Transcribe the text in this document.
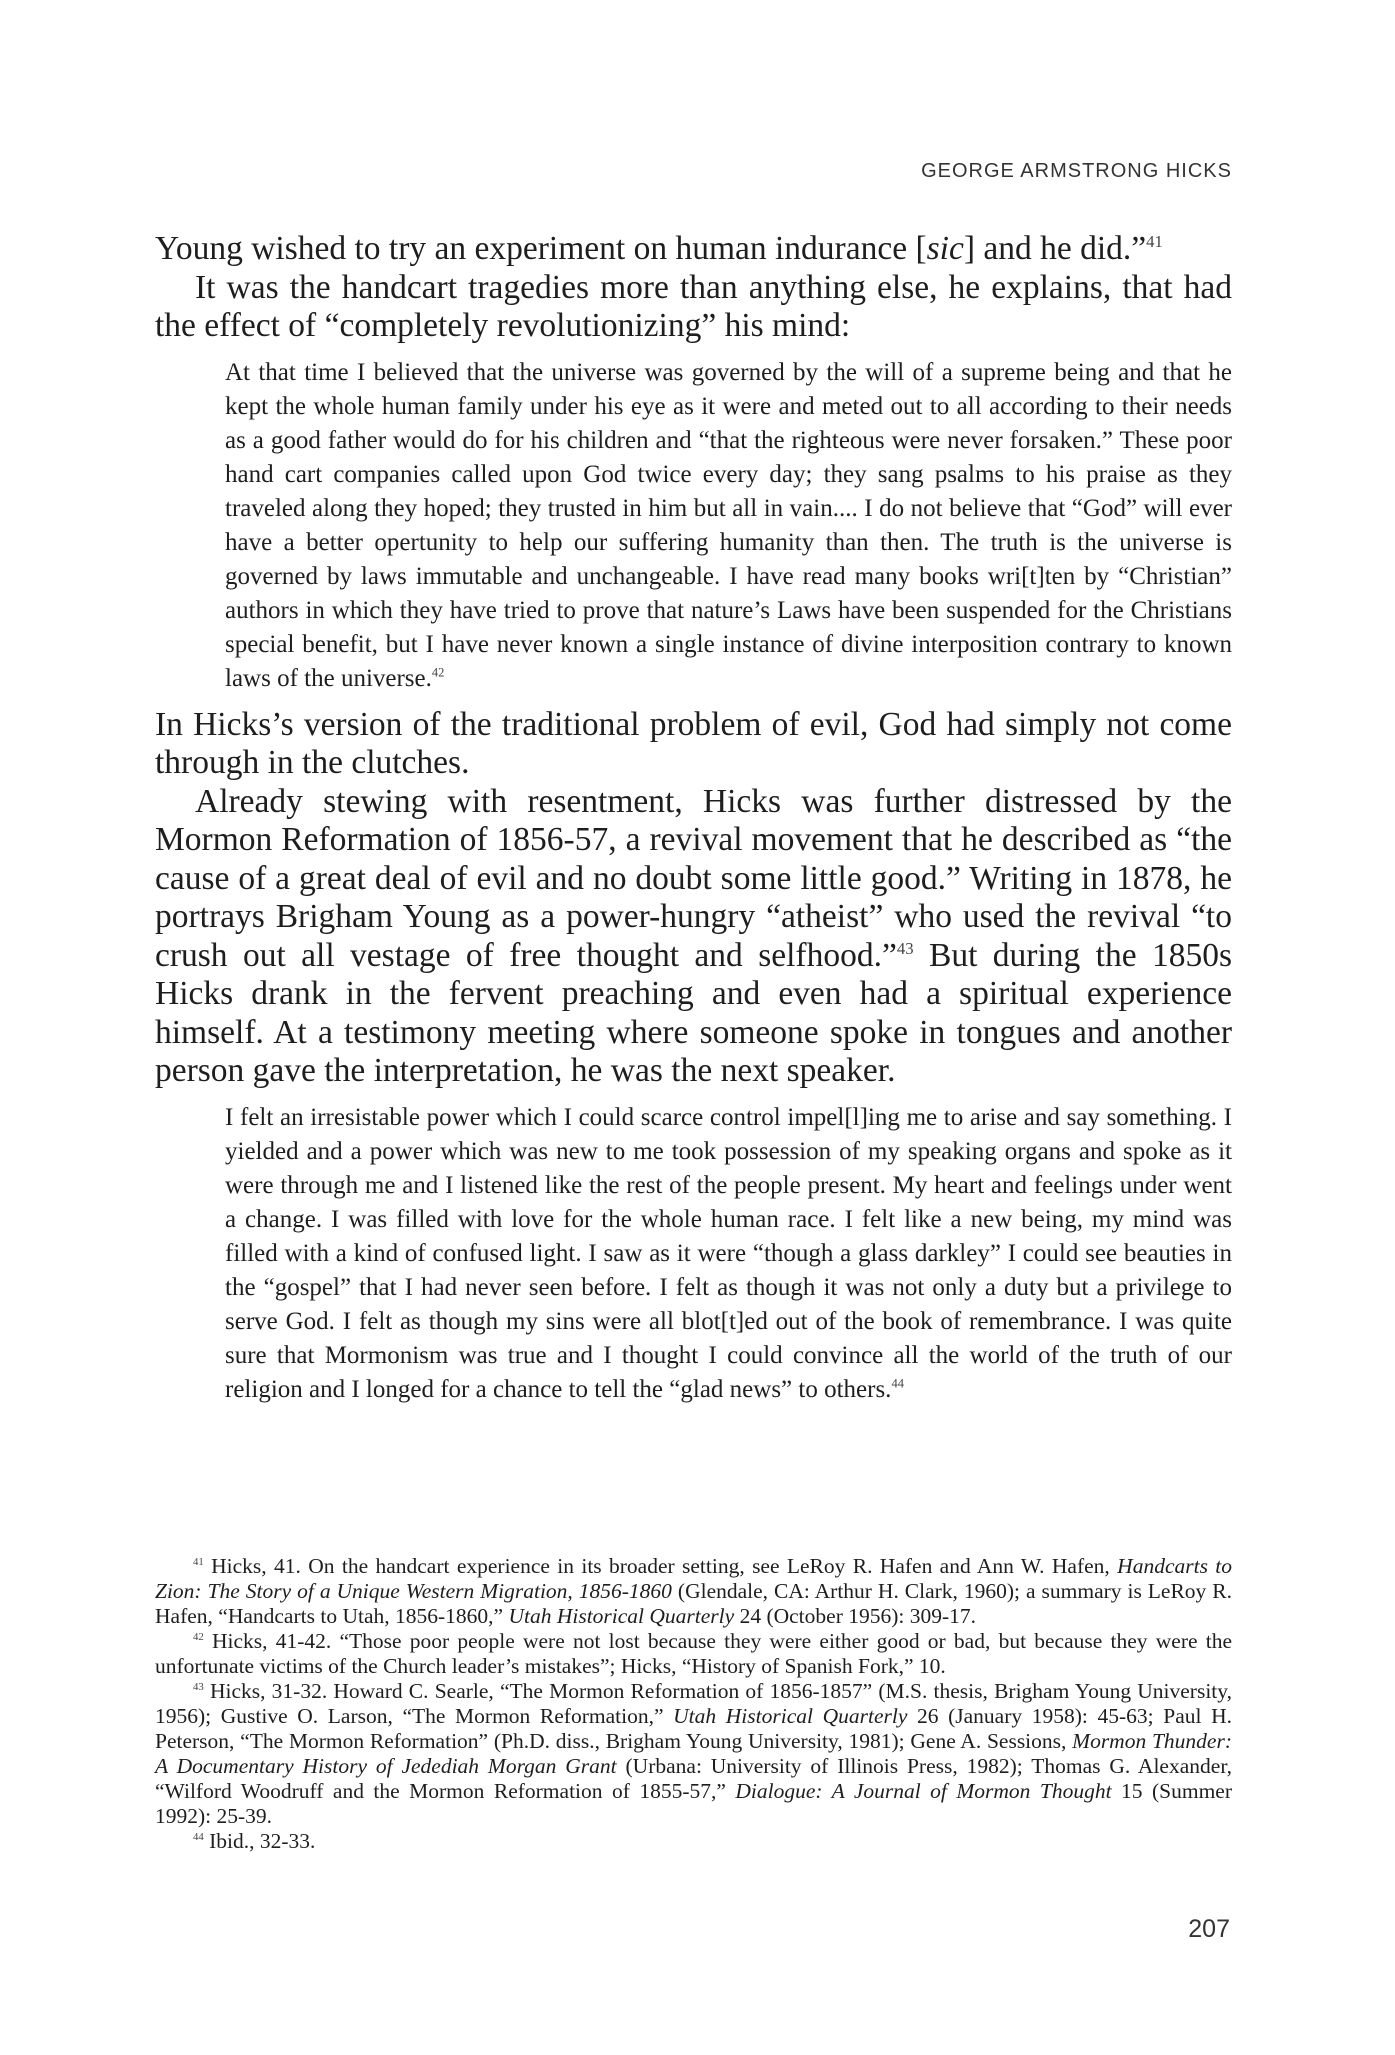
GEORGE ARMSTRONG HICKS

Young wished to try an experiment on human indurance [sic] and he did.”$^{41}$

It was the handcart tragedies more than anything else, he explains, that had the effect of “completely revolutionizing” his mind:

At that time I believed that the universe was governed by the will of a supreme being and that he kept the whole human family under his eye as it were and meted out to all according to their needs as a good father would do for his children and “that the righteous were never forsaken.” These poor hand cart companies called upon God twice every day; they sang psalms to his praise as they traveled along they hoped; they trusted in him but all in vain.... I do not believe that “God” will ever have a better opertunity to help our suffering humanity than then. The truth is the universe is governed by laws immutable and unchangeable. I have read many books wri[t]ten by “Christian” authors in which they have tried to prove that nature’s Laws have been suspended for the Christians special benefit, but I have never known a single instance of divine interposition contrary to known laws of the universe.$^{42}$

In Hicks’s version of the traditional problem of evil, God had simply not come through in the clutches.

Already stewing with resentment, Hicks was further distressed by the Mormon Reformation of 1856-57, a revival movement that he described as “the cause of a great deal of evil and no doubt some little good.” Writing in 1878, he portrays Brigham Young as a power-hungry “atheist” who used the revival “to crush out all vestage of free thought and selfhood.”$^{43}$ But during the 1850s Hicks drank in the fervent preaching and even had a spiritual experience himself. At a testimony meeting where someone spoke in tongues and another person gave the interpretation, he was the next speaker.

I felt an irresistable power which I could scarce control impel[l]ing me to arise and say something. I yielded and a power which was new to me took possession of my speaking organs and spoke as it were through me and I listened like the rest of the people present. My heart and feelings under went a change. I was filled with love for the whole human race. I felt like a new being, my mind was filled with a kind of confused light. I saw as it were “though a glass darkley” I could see beauties in the “gospel” that I had never seen before. I felt as though it was not only a duty but a privilege to serve God. I felt as though my sins were all blot[t]ed out of the book of remembrance. I was quite sure that Mormonism was true and I thought I could convince all the world of the truth of our religion and I longed for a chance to tell the “glad news” to others.$^{44}$

$^{41}$ Hicks, 41. On the handcart experience in its broader setting, see LeRoy R. Hafen and Ann W. Hafen, Handcarts to Zion: The Story of a Unique Western Migration, 1856-1860 (Glendale, CA: Arthur H. Clark, 1960); a summary is LeRoy R. Hafen, “Handcarts to Utah, 1856-1860,” Utah Historical Quarterly 24 (October 1956): 309-17.

$^{42}$ Hicks, 41-42. “Those poor people were not lost because they were either good or bad, but because they were the unfortunate victims of the Church leader’s mistakes”; Hicks, “History of Spanish Fork,” 10.

$^{43}$ Hicks, 31-32. Howard C. Searle, “The Mormon Reformation of 1856-1857” (M.S. thesis, Brigham Young University, 1956); Gustive O. Larson, “The Mormon Reformation,” Utah Historical Quarterly 26 (January 1958): 45-63; Paul H. Peterson, “The Mormon Reformation” (Ph.D. diss., Brigham Young University, 1981); Gene A. Sessions, Mormon Thunder: A Documentary History of Jedediah Morgan Grant (Urbana: University of Illinois Press, 1982); Thomas G. Alexander, “Wilford Woodruff and the Mormon Reformation of 1855-57,” Dialogue: A Journal of Mormon Thought 15 (Summer 1992): 25-39.

$^{44}$ Ibid., 32-33.

207
